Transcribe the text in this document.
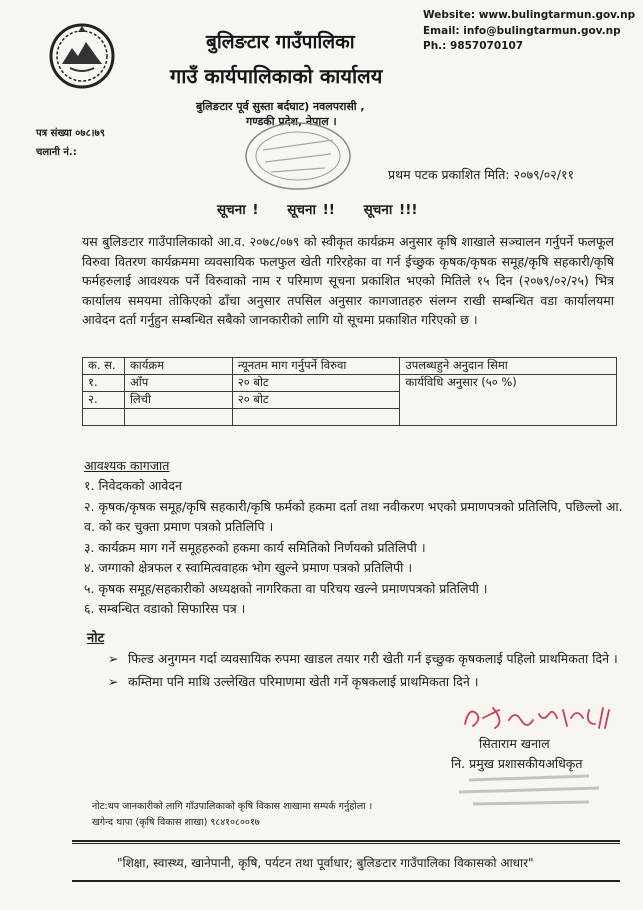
बुलिङटार गाउँपालिका
गाउँ कार्यपालिकाको कार्यालय
बुलिङटार पूर्व सुस्ता बर्दघाट) नवलपरासी ,
गण्डकी प्रदेश, नेपाल ।
Website: www.bulingtarmun.gov.np
Email: info@bulingtarmun.gov.np
Ph.: 9857070107
पत्र संख्या ०७८।७९
चलानी नं.:
प्रथम पटक प्रकाशित मिति: २०७९/०२/११
सूचना ! सूचना !! सूचना !!!
यस बुलिङटार गाउँपालिकाको आ.व. २०७८/०७९ को स्वीकृत कार्यक्रम अनुसार कृषि शाखाले सञ्चालन गर्नुपर्ने फलफूल विरुवा वितरण कार्यक्रममा व्यवसायिक फलफुल खेती गरिरहेका वा गर्न ईच्छुक कृषक/कृषक समूह/कृषि सहकारी/कृषि फर्महरुलाई आवश्यक पर्ने विरुवाको नाम र परिमाण सूचना प्रकाशित भएको मितिले १५ दिन (२०७९/०२/२५) भित्र कार्यालय समयमा तोकिएको ढाँचा अनुसार तपसिल अनुसार कागजातहरु संलग्न राखी सम्बन्धित वडा कार्यालयमा आवेदन दर्ता गर्नुहुन सम्बन्धित सबैको जानकारीको लागि यो सूचमा प्रकाशित गरिएको छ ।
क. स.	कार्यक्रम	न्यूनतम माग गर्नुपर्ने विरुवा	उपलब्धहुने अनुदान सिमा
१.	आँप	२० बोट	कार्यविधि अनुसार (५० %)
२.	लिची	२० बोट	

आवश्यक कागजात
१. निवेदकको आवेदन
२. कृषक/कृषक समूह/कृषि सहकारी/कृषि फर्मको हकमा दर्ता तथा नवीकरण भएको प्रमाणपत्रको प्रतिलिपि, पछिल्लो आ. व. को कर चुक्ता प्रमाण पत्रको प्रतिलिपि ।
३. कार्यक्रम माग गर्ने समूहहरुको हकमा कार्य समितिको निर्णयको प्रतिलिपी ।
४. जग्गाको क्षेत्रफल र स्वामित्ववाहक भोग खुल्ने प्रमाण पत्रको प्रतिलिपी ।
५. कृषक समूह/सहकारीको अध्यक्षको नागरिकता वा परिचय खल्ने प्रमाणपत्रको प्रतिलिपी ।
६. सम्बन्धित वडाको सिफारिस पत्र ।
नोट
➢ फिल्ड अनुगमन गर्दा व्यवसायिक रुपमा खाडल तयार गरी खेती गर्न इच्छुक कृषकलाई पहिलो प्राथमिकता दिने ।
➢ कम्तिमा पनि माथि उल्लेखित परिमाणमा खेती गर्ने कृषकलाई प्राथमिकता दिने ।
सिताराम खनाल
नि. प्रमुख प्रशासकीयअधिकृत
नोट:थप जानकारीको लागि गाँउपालिकाको कृषि विकास शाखामा सम्पर्क गर्नुहोला ।
खगेन्द थापा (कृषि विकास शाखा) ९८४१०८००१७
"शिक्षा, स्वास्थ्य, खानेपानी, कृषि, पर्यटन तथा पूर्वाधार; बुलिङटार गाउँपालिका विकासको आधार"
